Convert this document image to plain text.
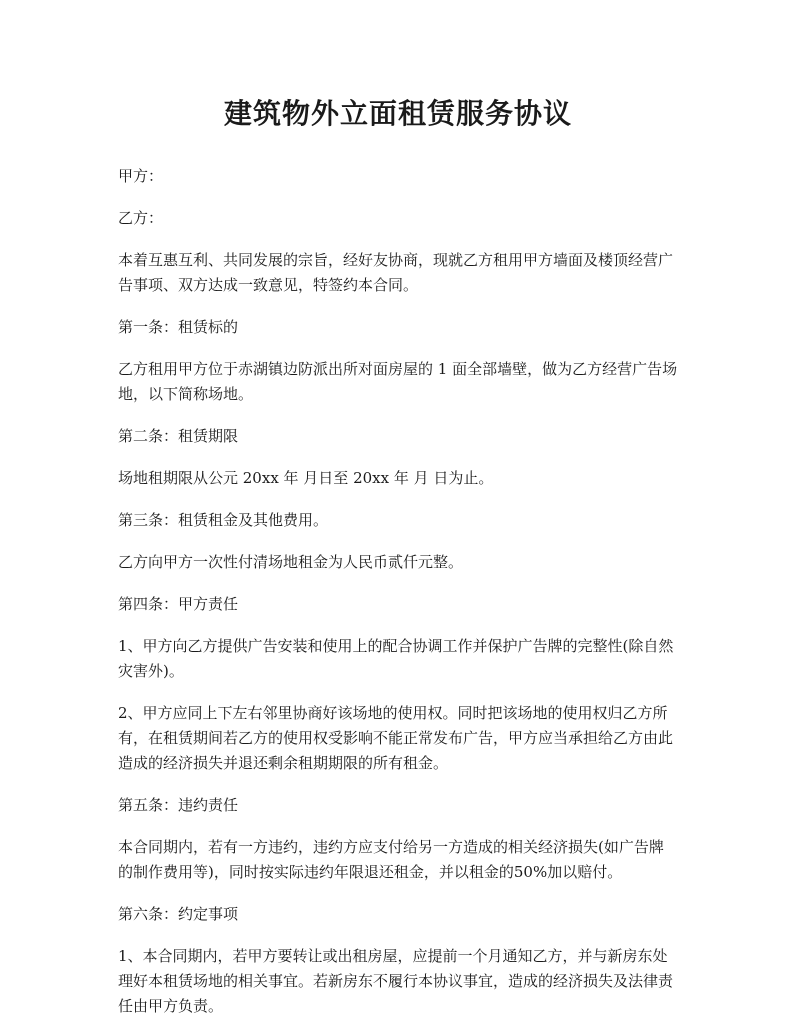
建筑物外立面租赁服务协议

甲方：

乙方：

本着互惠互利、共同发展的宗旨，经好友协商，现就乙方租用甲方墙面及楼顶经营广告事项、双方达成一致意见，特签约本合同。

第一条：租赁标的

乙方租用甲方位于赤湖镇边防派出所对面房屋的 1 面全部墙壁，做为乙方经营广告场地，以下简称场地。

第二条：租赁期限

场地租期限从公元 20xx 年 月日至 20xx 年 月 日为止。

第三条：租赁租金及其他费用。

乙方向甲方一次性付清场地租金为人民币贰仟元整。

第四条：甲方责任

1、甲方向乙方提供广告安装和使用上的配合协调工作并保护广告牌的完整性(除自然灾害外)。

2、甲方应同上下左右邻里协商好该场地的使用权。同时把该场地的使用权归乙方所有，在租赁期间若乙方的使用权受影响不能正常发布广告，甲方应当承担给乙方由此造成的经济损失并退还剩余租期期限的所有租金。

第五条：违约责任

本合同期内，若有一方违约，违约方应支付给另一方造成的相关经济损失(如广告牌的制作费用等)，同时按实际违约年限退还租金，并以租金的50%加以赔付。

第六条：约定事项

1、本合同期内，若甲方要转让或出租房屋，应提前一个月通知乙方，并与新房东处理好本租赁场地的相关事宜。若新房东不履行本协议事宜，造成的经济损失及法律责任由甲方负责。
